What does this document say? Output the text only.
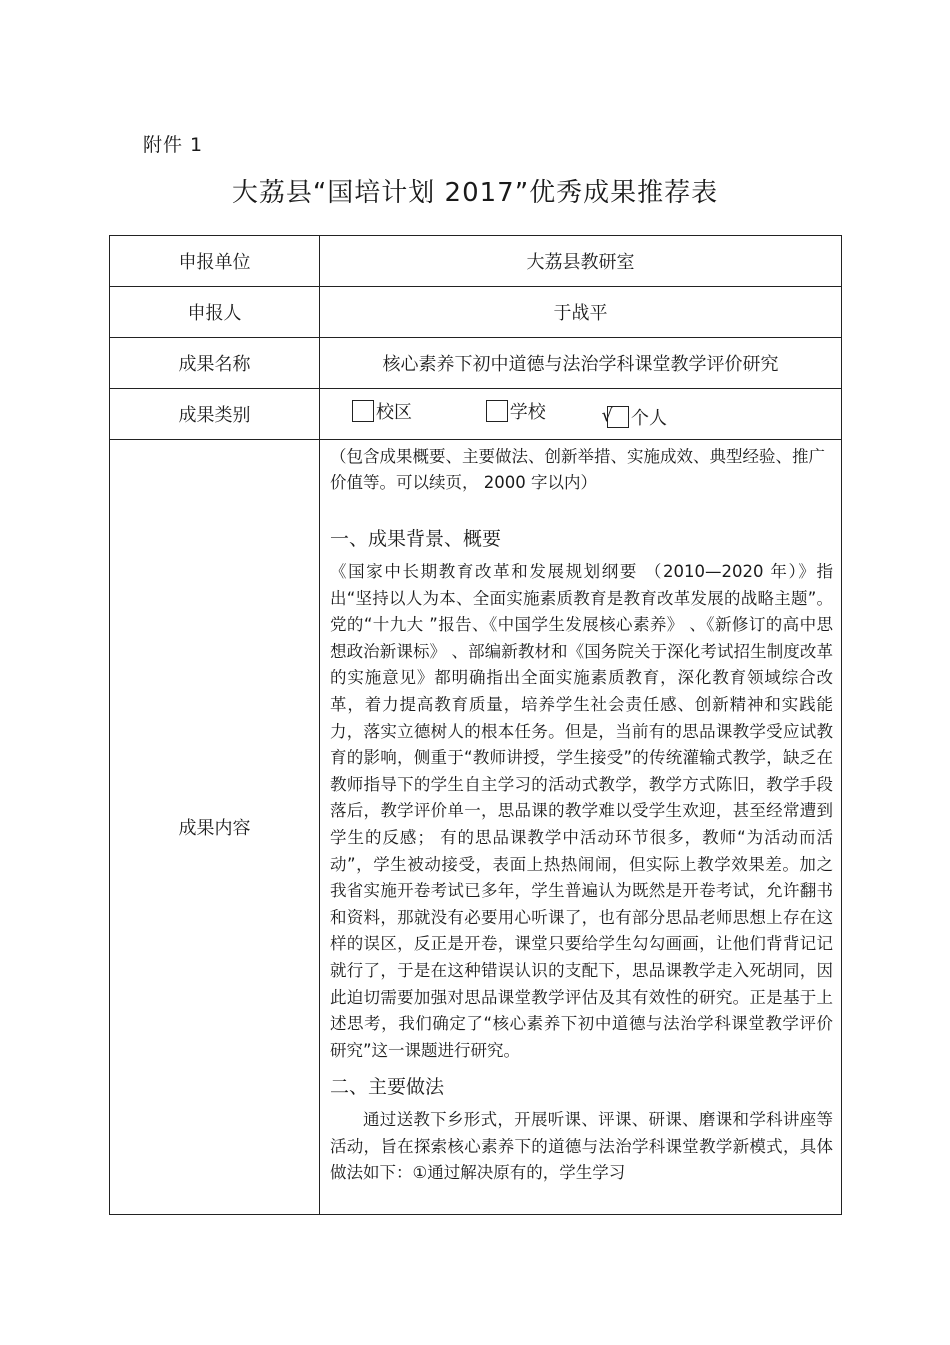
附件 1
大荔县“国培计划 2017”优秀成果推荐表
申报单位	大荔县教研室
申报人	于战平
成果名称	核心素养下初中道德与法治学科课堂教学评价研究
成果类别	校区
学校
√ 个人

成果内容	（包含成果概要、主要做法、创新举措、实施成效、典型经验、推广价值等。可以续页， 2000 字以内）

一、成果背景、概要

《国家中长期教育改革和发展规划纲要 （2010—2020 年）》指出“坚持以人为本、全面实施素质教育是教育改革发展的战略主题”。党的“十九大 ”报告、《中国学生发展核心素养》 、《新修订的高中思想政治新课标》 、部编新教材和《国务院关于深化考试招生制度改革的实施意见》都明确指出全面实施素质教育，深化教育领域综合改革，着力提高教育质量，培养学生社会责任感、创新精神和实践能力，落实立德树人的根本任务。但是，当前有的思品课教学受应试教育的影响，侧重于“教师讲授，学生接受”的传统灌输式教学，缺乏在教师指导下的学生自主学习的活动式教学，教学方式陈旧，教学手段落后，教学评价单一，思品课的教学难以受学生欢迎，甚至经常遭到学生的反感； 有的思品课教学中活动环节很多，教师“为活动而活动”，学生被动接受，表面上热热闹闹，但实际上教学效果差。加之我省实施开卷考试已多年，学生普遍认为既然是开卷考试，允许翻书和资料，那就没有必要用心听课了，也有部分思品老师思想上存在这样的误区，反正是开卷，课堂只要给学生勾勾画画，让他们背背记记就行了，于是在这种错误认识的支配下，思品课教学走入死胡同，因此迫切需要加强对思品课堂教学评估及其有效性的研究。正是基于上述思考，我们确定了“核心素养下初中道德与法治学科课堂教学评价研究”这一课题进行研究。

二、主要做法

通过送教下乡形式，开展听课、评课、研课、磨课和学科讲座等活动，旨在探索核心素养下的道德与法治学科课堂教学新模式，具体做法如下：①通过解决原有的，学生学习
